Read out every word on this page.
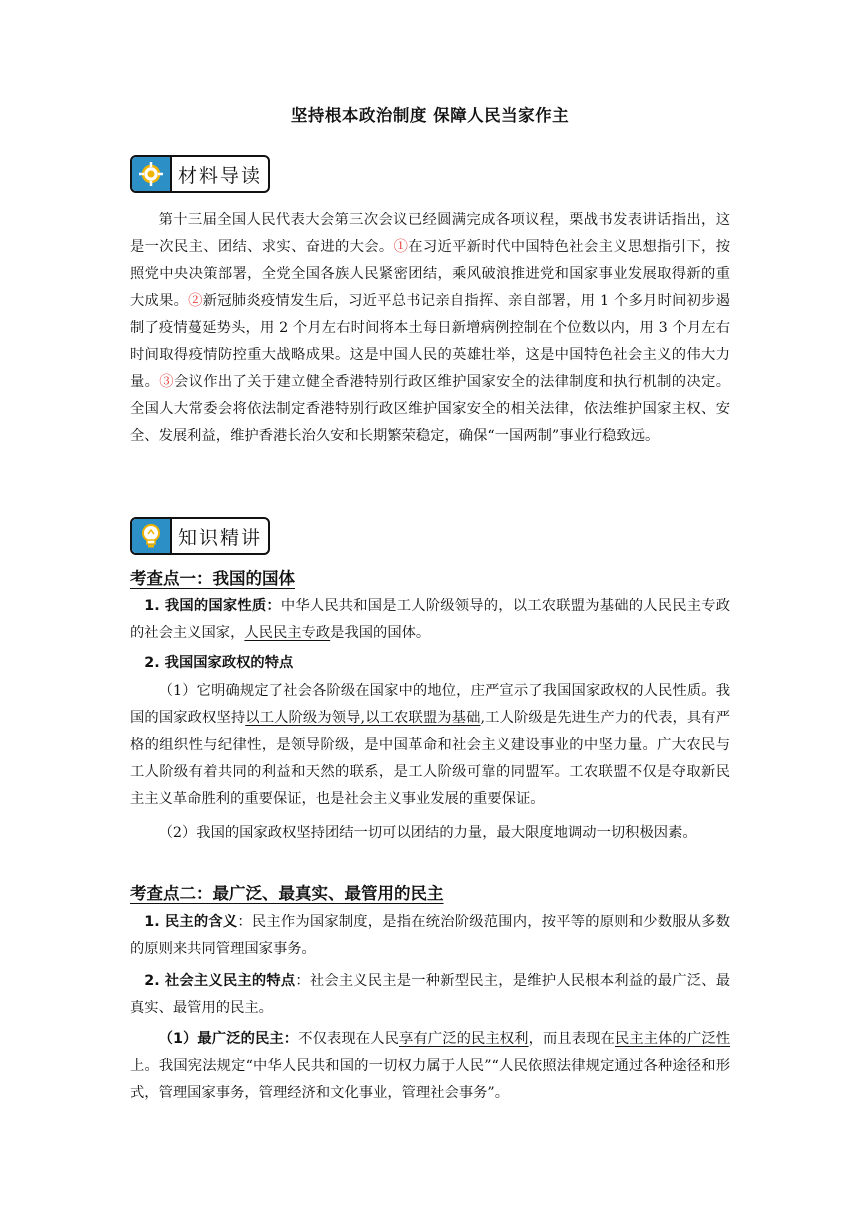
坚持根本政治制度 保障人民当家作主
材料导读
第十三届全国人民代表大会第三次会议已经圆满完成各项议程，栗战书发表讲话指出，这是一次民主、团结、求实、奋进的大会。①在习近平新时代中国特色社会主义思想指引下，按照党中央决策部署，全党全国各族人民紧密团结，乘风破浪推进党和国家事业发展取得新的重大成果。②新冠肺炎疫情发生后，习近平总书记亲自指挥、亲自部署，用 1 个多月时间初步遏制了疫情蔓延势头，用 2 个月左右时间将本土每日新增病例控制在个位数以内，用 3 个月左右时间取得疫情防控重大战略成果。这是中国人民的英雄壮举，这是中国特色社会主义的伟大力量。③会议作出了关于建立健全香港特别行政区维护国家安全的法律制度和执行机制的决定。全国人大常委会将依法制定香港特别行政区维护国家安全的相关法律，依法维护国家主权、安全、发展利益，维护香港长治久安和长期繁荣稳定，确保“一国两制”事业行稳致远。
知识精讲
考查点一：我国的国体
1. 我国的国家性质：中华人民共和国是工人阶级领导的，以工农联盟为基础的人民民主专政的社会主义国家，人民民主专政是我国的国体。
2. 我国国家政权的特点
（1）它明确规定了社会各阶级在国家中的地位，庄严宣示了我国国家政权的人民性质。我国的国家政权坚持以工人阶级为领导,以工农联盟为基础,工人阶级是先进生产力的代表，具有严格的组织性与纪律性，是领导阶级，是中国革命和社会主义建设事业的中坚力量。广大农民与工人阶级有着共同的利益和天然的联系，是工人阶级可靠的同盟军。工农联盟不仅是夺取新民主主义革命胜利的重要保证，也是社会主义事业发展的重要保证。
（2）我国的国家政权坚持团结一切可以团结的力量，最大限度地调动一切积极因素。
考查点二：最广泛、最真实、最管用的民主
1. 民主的含义：民主作为国家制度，是指在统治阶级范围内，按平等的原则和少数服从多数的原则来共同管理国家事务。
2. 社会主义民主的特点：社会主义民主是一种新型民主，是维护人民根本利益的最广泛、最真实、最管用的民主。
（1）最广泛的民主：不仅表现在人民享有广泛的民主权利，而且表现在民主主体的广泛性上。我国宪法规定“中华人民共和国的一切权力属于人民”“人民依照法律规定通过各种途径和形式，管理国家事务，管理经济和文化事业，管理社会事务”。
